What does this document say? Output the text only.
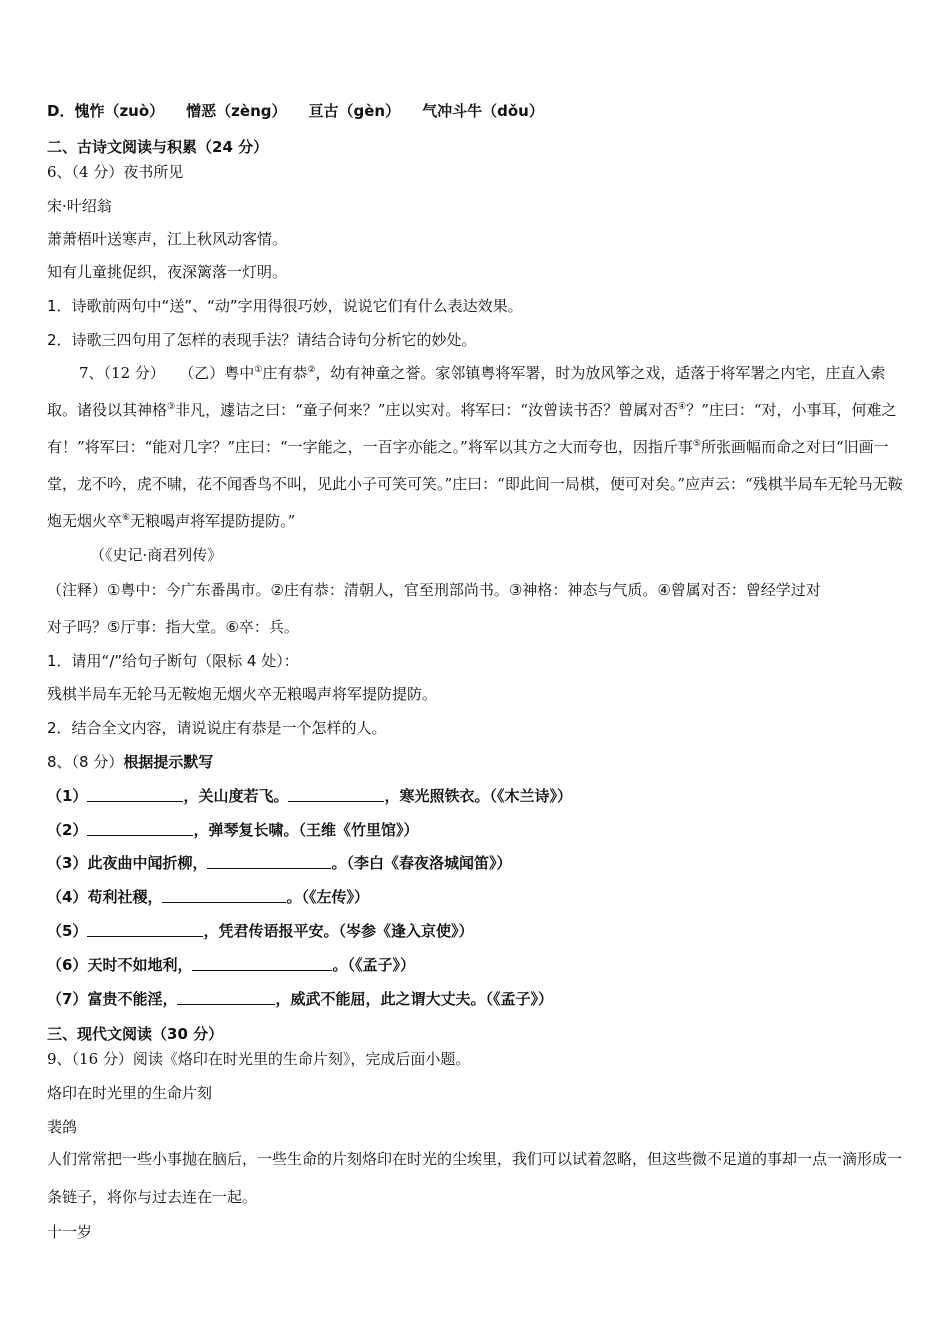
D．愧怍（zuò） 憎恶（zèng） 亘古（gèn） 气冲斗牛（dǒu）
二、古诗文阅读与积累（24 分）
6、（4 分）夜书所见
宋·叶绍翁
萧萧梧叶送寒声，江上秋风动客情。
知有儿童挑促织，夜深篱落一灯明。
1．诗歌前两句中“送”、“动”字用得很巧妙，说说它们有什么表达效果。
2．诗歌三四句用了怎样的表现手法？请结合诗句分析它的妙处。
7、（12 分） （乙）粤中①庄有恭②，幼有神童之誉。家邻镇粤将军署，时为放风筝之戏，适落于将军署之内宅，庄直入索取。诸役以其神格③非凡，遽诘之曰：“童子何来？”庄以实对。将军曰：“汝曾读书否？曾属对否④？”庄曰：“对，小事耳，何难之有！”将军曰：“能对几字？”庄曰：“一字能之，一百字亦能之。”将军以其方之大而夸也，因指斤事⑤所张画幅而命之对曰“旧画一堂，龙不吟，虎不啸，花不闻香鸟不叫，见此小子可笑可笑。”庄曰：“即此间一局棋，便可对矣。”应声云：“残棋半局车无轮马无鞍炮无烟火卒⑥无粮喝声将军提防提防。”
（《史记·商君列传》
（注释）①粤中：今广东番禺市。②庄有恭：清朝人，官至刑部尚书。③神格：神态与气质。④曾属对否：曾经学过对
对子吗？⑤厅事：指大堂。⑥卒：兵。
1．请用“/”给句子断句（限标 4 处）：
残棋半局车无轮马无鞍炮无烟火卒无粮喝声将军提防提防。
2．结合全文内容，请说说庄有恭是一个怎样的人。
8、（8 分）根据提示默写
（1）	，关山度若飞。	，寒光照铁衣。（《木兰诗》）
（2）	，弹琴复长啸。（王维《竹里馆》）
（3）此夜曲中闻折柳，	。（李白《春夜洛城闻笛》）
（4）苟利社稷，	。（《左传》）
（5）	，凭君传语报平安。（岑参《逢入京使》）
（6）天时不如地利，	。（《孟子》）
（7）富贵不能淫，	，威武不能屈，此之谓大丈夫。（《孟子》）
三、现代文阅读（30 分）
9、（16 分）阅读《烙印在时光里的生命片刻》，完成后面小题。
烙印在时光里的生命片刻
裴鸽
人们常常把一些小事抛在脑后，一些生命的片刻烙印在时光的尘埃里，我们可以试着忽略，但这些微不足道的事却一点一滴形成一条链子，将你与过去连在一起。
十一岁
